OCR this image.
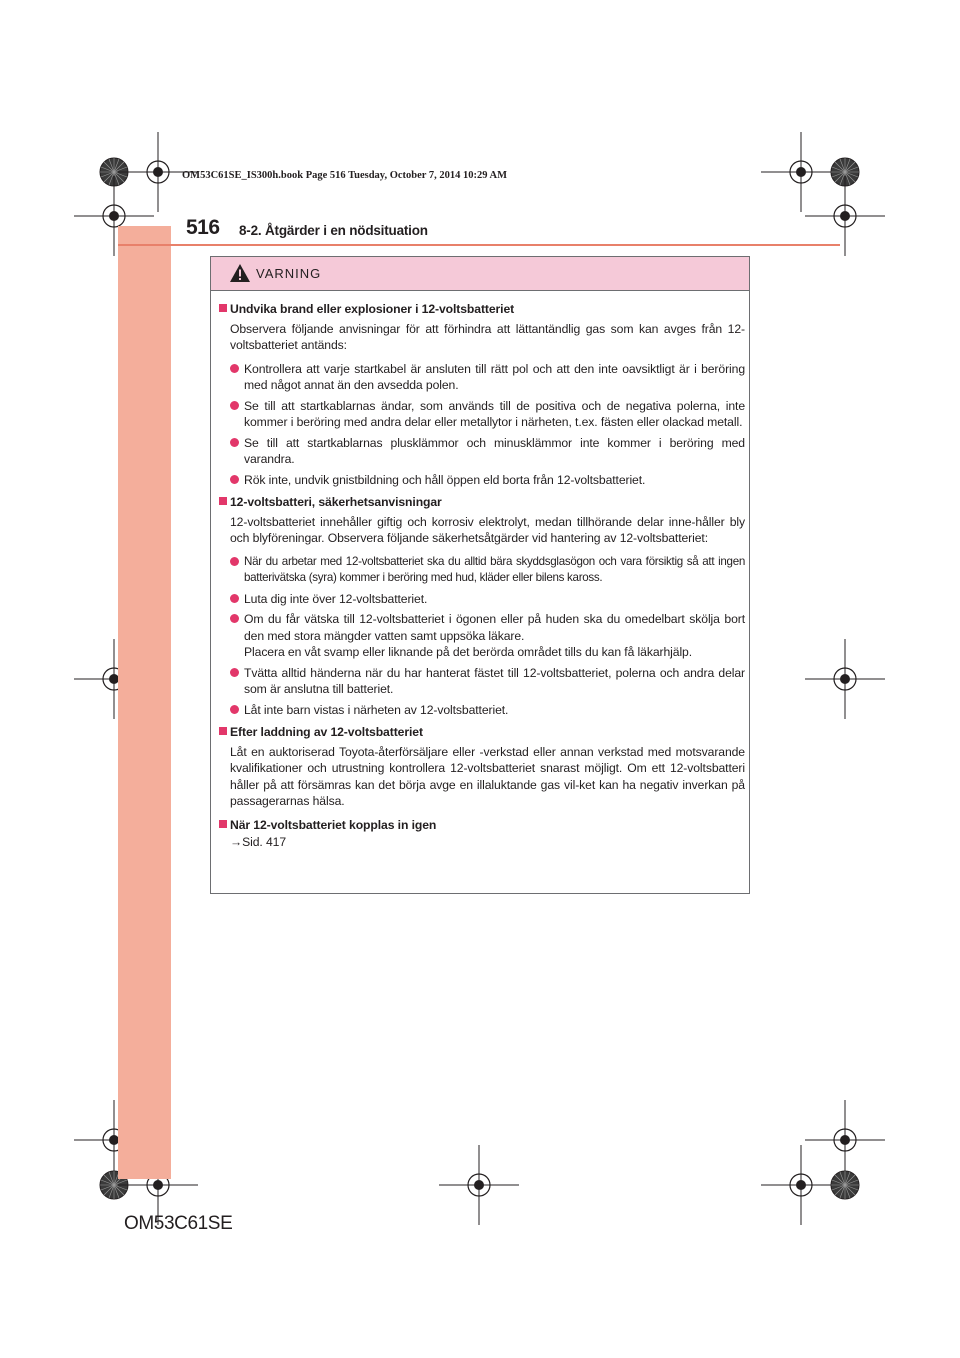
OM53C61SE_IS300h.book Page 516 Tuesday, October 7, 2014 10:29 AM
516 8-2. Åtgärder i en nödsituation
VARNING
Undvika brand eller explosioner i 12-voltsbatteriet
Observera följande anvisningar för att förhindra att lättantändlig gas som kan avges från 12-voltsbatteriet antänds:
Kontrollera att varje startkabel är ansluten till rätt pol och att den inte oavsiktligt är i beröring med något annat än den avsedda polen.
Se till att startkablarnas ändar, som används till de positiva och de negativa polerna, inte kommer i beröring med andra delar eller metallytor i närheten, t.ex. fästen eller olackad metall.
Se till att startkablarnas plusklämmor och minusklämmor inte kommer i beröring med varandra.
Rök inte, undvik gnistbildning och håll öppen eld borta från 12-voltsbatteriet.
12-voltsbatteri, säkerhetsanvisningar
12-voltsbatteriet innehåller giftig och korrosiv elektrolyt, medan tillhörande delar inne-håller bly och blyföreningar. Observera följande säkerhetsåtgärder vid hantering av 12-voltsbatteriet:
När du arbetar med 12-voltsbatteriet ska du alltid bära skyddsglasögon och vara försiktig så att ingen batterivätska (syra) kommer i beröring med hud, kläder eller bilens kaross.
Luta dig inte över 12-voltsbatteriet.
Om du får vätska till 12-voltsbatteriet i ögonen eller på huden ska du omedelbart skölja bort den med stora mängder vatten samt uppsöka läkare.
Placera en våt svamp eller liknande på det berörda området tills du kan få läkarhjälp.
Tvätta alltid händerna när du har hanterat fästet till 12-voltsbatteriet, polerna och andra delar som är anslutna till batteriet.
Låt inte barn vistas i närheten av 12-voltsbatteriet.
Efter laddning av 12-voltsbatteriet
Låt en auktoriserad Toyota-återförsäljare eller -verkstad eller annan verkstad med motsvarande kvalifikationer och utrustning kontrollera 12-voltsbatteriet snarast möjligt. Om ett 12-voltsbatteri håller på att försämras kan det börja avge en illaluktande gas vil-ket kan ha negativ inverkan på passagerarnas hälsa.
När 12-voltsbatteriet kopplas in igen
→Sid. 417
OM53C61SE
